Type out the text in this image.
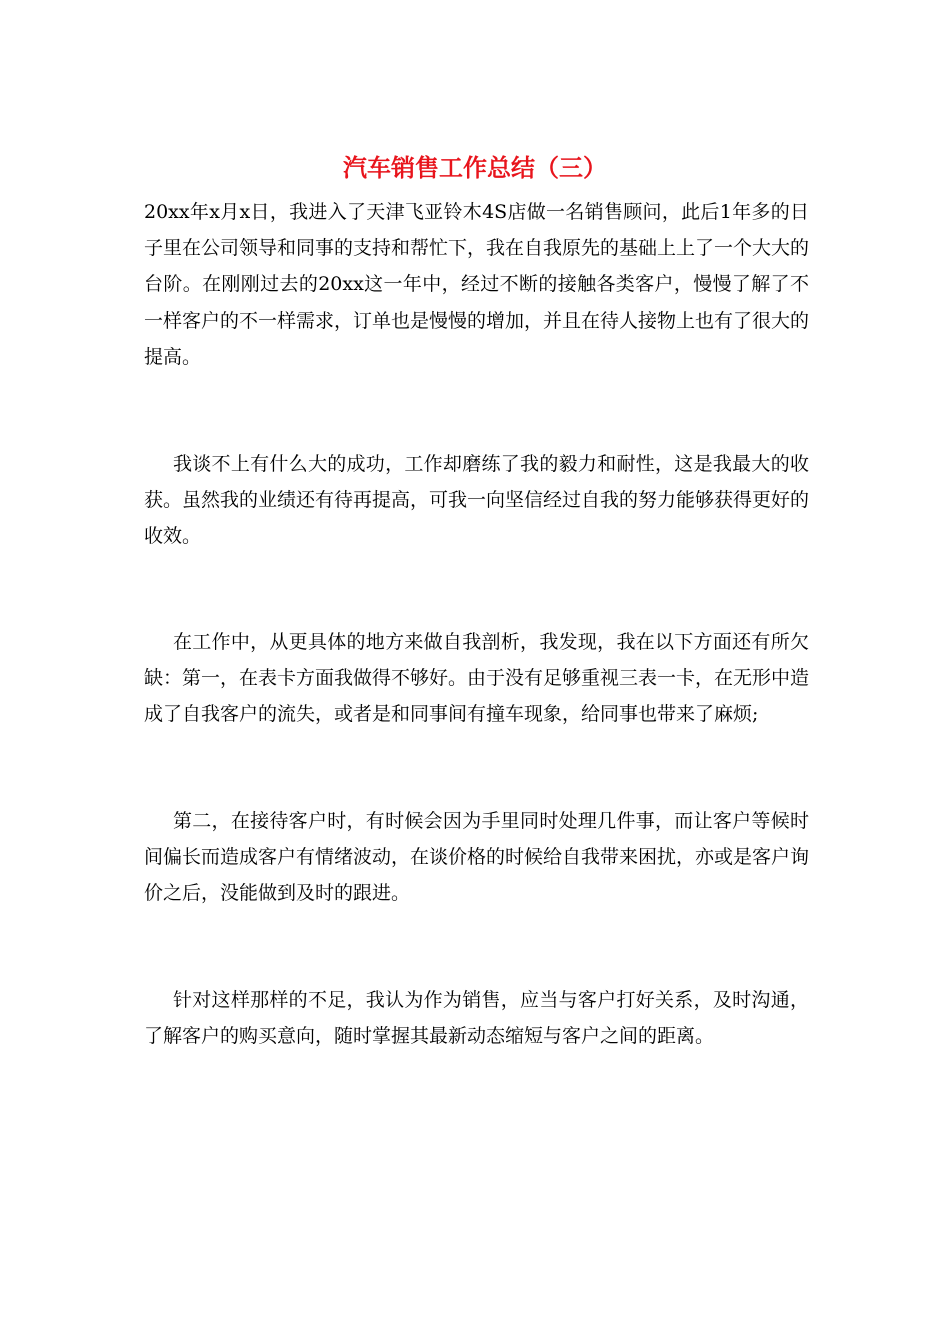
汽车销售工作总结（三）

20xx年x月x日，我进入了天津飞亚铃木4S店做一名销售顾问，此后1年多的日子里在公司领导和同事的支持和帮忙下，我在自我原先的基础上上了一个大大的台阶。在刚刚过去的20xx这一年中，经过不断的接触各类客户，慢慢了解了不一样客户的不一样需求，订单也是慢慢的增加，并且在待人接物上也有了很大的提高。

我谈不上有什么大的成功，工作却磨练了我的毅力和耐性，这是我最大的收获。虽然我的业绩还有待再提高，可我一向坚信经过自我的努力能够获得更好的收效。

在工作中，从更具体的地方来做自我剖析，我发现，我在以下方面还有所欠缺：第一，在表卡方面我做得不够好。由于没有足够重视三表一卡，在无形中造成了自我客户的流失，或者是和同事间有撞车现象，给同事也带来了麻烦;

第二，在接待客户时，有时候会因为手里同时处理几件事，而让客户等候时间偏长而造成客户有情绪波动，在谈价格的时候给自我带来困扰，亦或是客户询价之后，没能做到及时的跟进。

针对这样那样的不足，我认为作为销售，应当与客户打好关系，及时沟通，了解客户的购买意向，随时掌握其最新动态缩短与客户之间的距离。
